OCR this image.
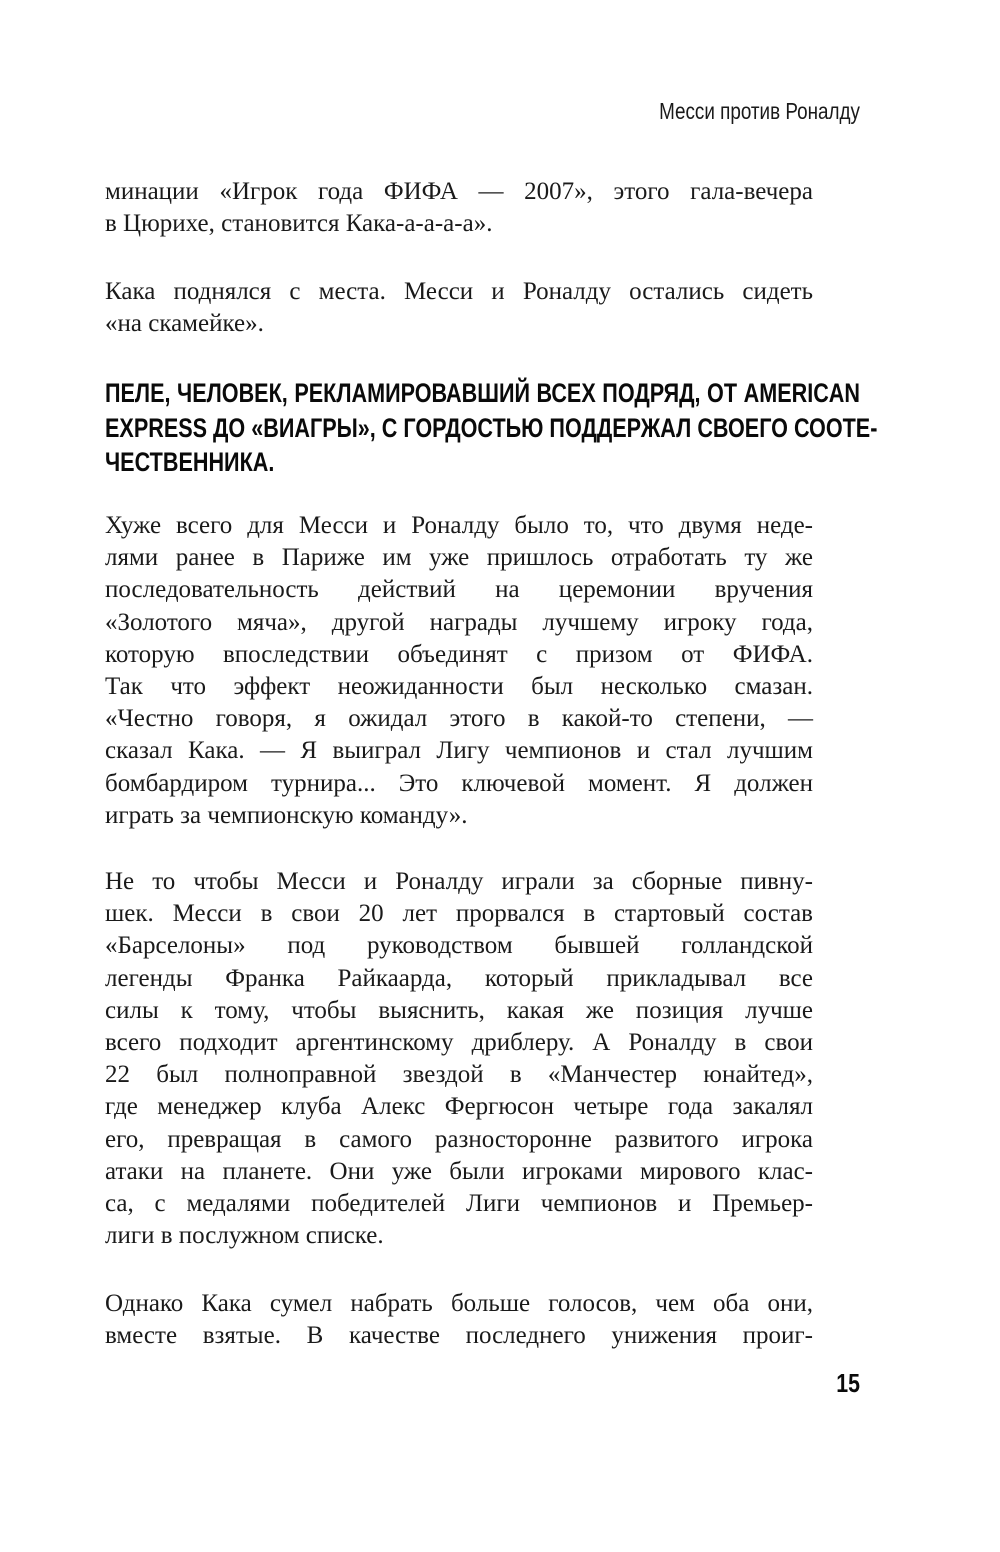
Месси против Роналду
минации «Игрок года ФИФА — 2007», этого гала-вечера
в Цюрихе, становится Кака-а-а-а-а».
Кака поднялся с места. Месси и Роналду остались сидеть
«на скамейке».
ПЕЛЕ, ЧЕЛОВЕК, РЕКЛАМИРОВАВШИЙ ВСЕХ ПОДРЯД, ОТ AMERICAN
EXPRESS ДО «ВИАГРЫ», С ГОРДОСТЬЮ ПОДДЕРЖАЛ СВОЕГО СООТЕ-
ЧЕСТВЕННИКА.
Хуже всего для Месси и Роналду было то, что двумя неде-
лями ранее в Париже им уже пришлось отработать ту же
последовательность действий на церемонии вручения
«Золотого мяча», другой награды лучшему игроку года,
которую впоследствии объединят с призом от ФИФА.
Так что эффект неожиданности был несколько смазан.
«Честно говоря, я ожидал этого в какой-то степени, —
сказал Кака. — Я выиграл Лигу чемпионов и стал лучшим
бомбардиром турнира... Это ключевой момент. Я должен
играть за чемпионскую команду».
Не то чтобы Месси и Роналду играли за сборные пивну-
шек. Месси в свои 20 лет прорвался в стартовый состав
«Барселоны» под руководством бывшей голландской
легенды Франка Райкаарда, который прикладывал все
силы к тому, чтобы выяснить, какая же позиция лучше
всего подходит аргентинскому дриблеру. А Роналду в свои
22 был полноправной звездой в «Манчестер юнайтед»,
где менеджер клуба Алекс Фергюсон четыре года закалял
его, превращая в самого разносторонне развитого игрока
атаки на планете. Они уже были игроками мирового клас-
са, с медалями победителей Лиги чемпионов и Премьер-
лиги в послужном списке.
Однако Кака сумел набрать больше голосов, чем оба они,
вместе взятые. В качестве последнего унижения проиг-
15
